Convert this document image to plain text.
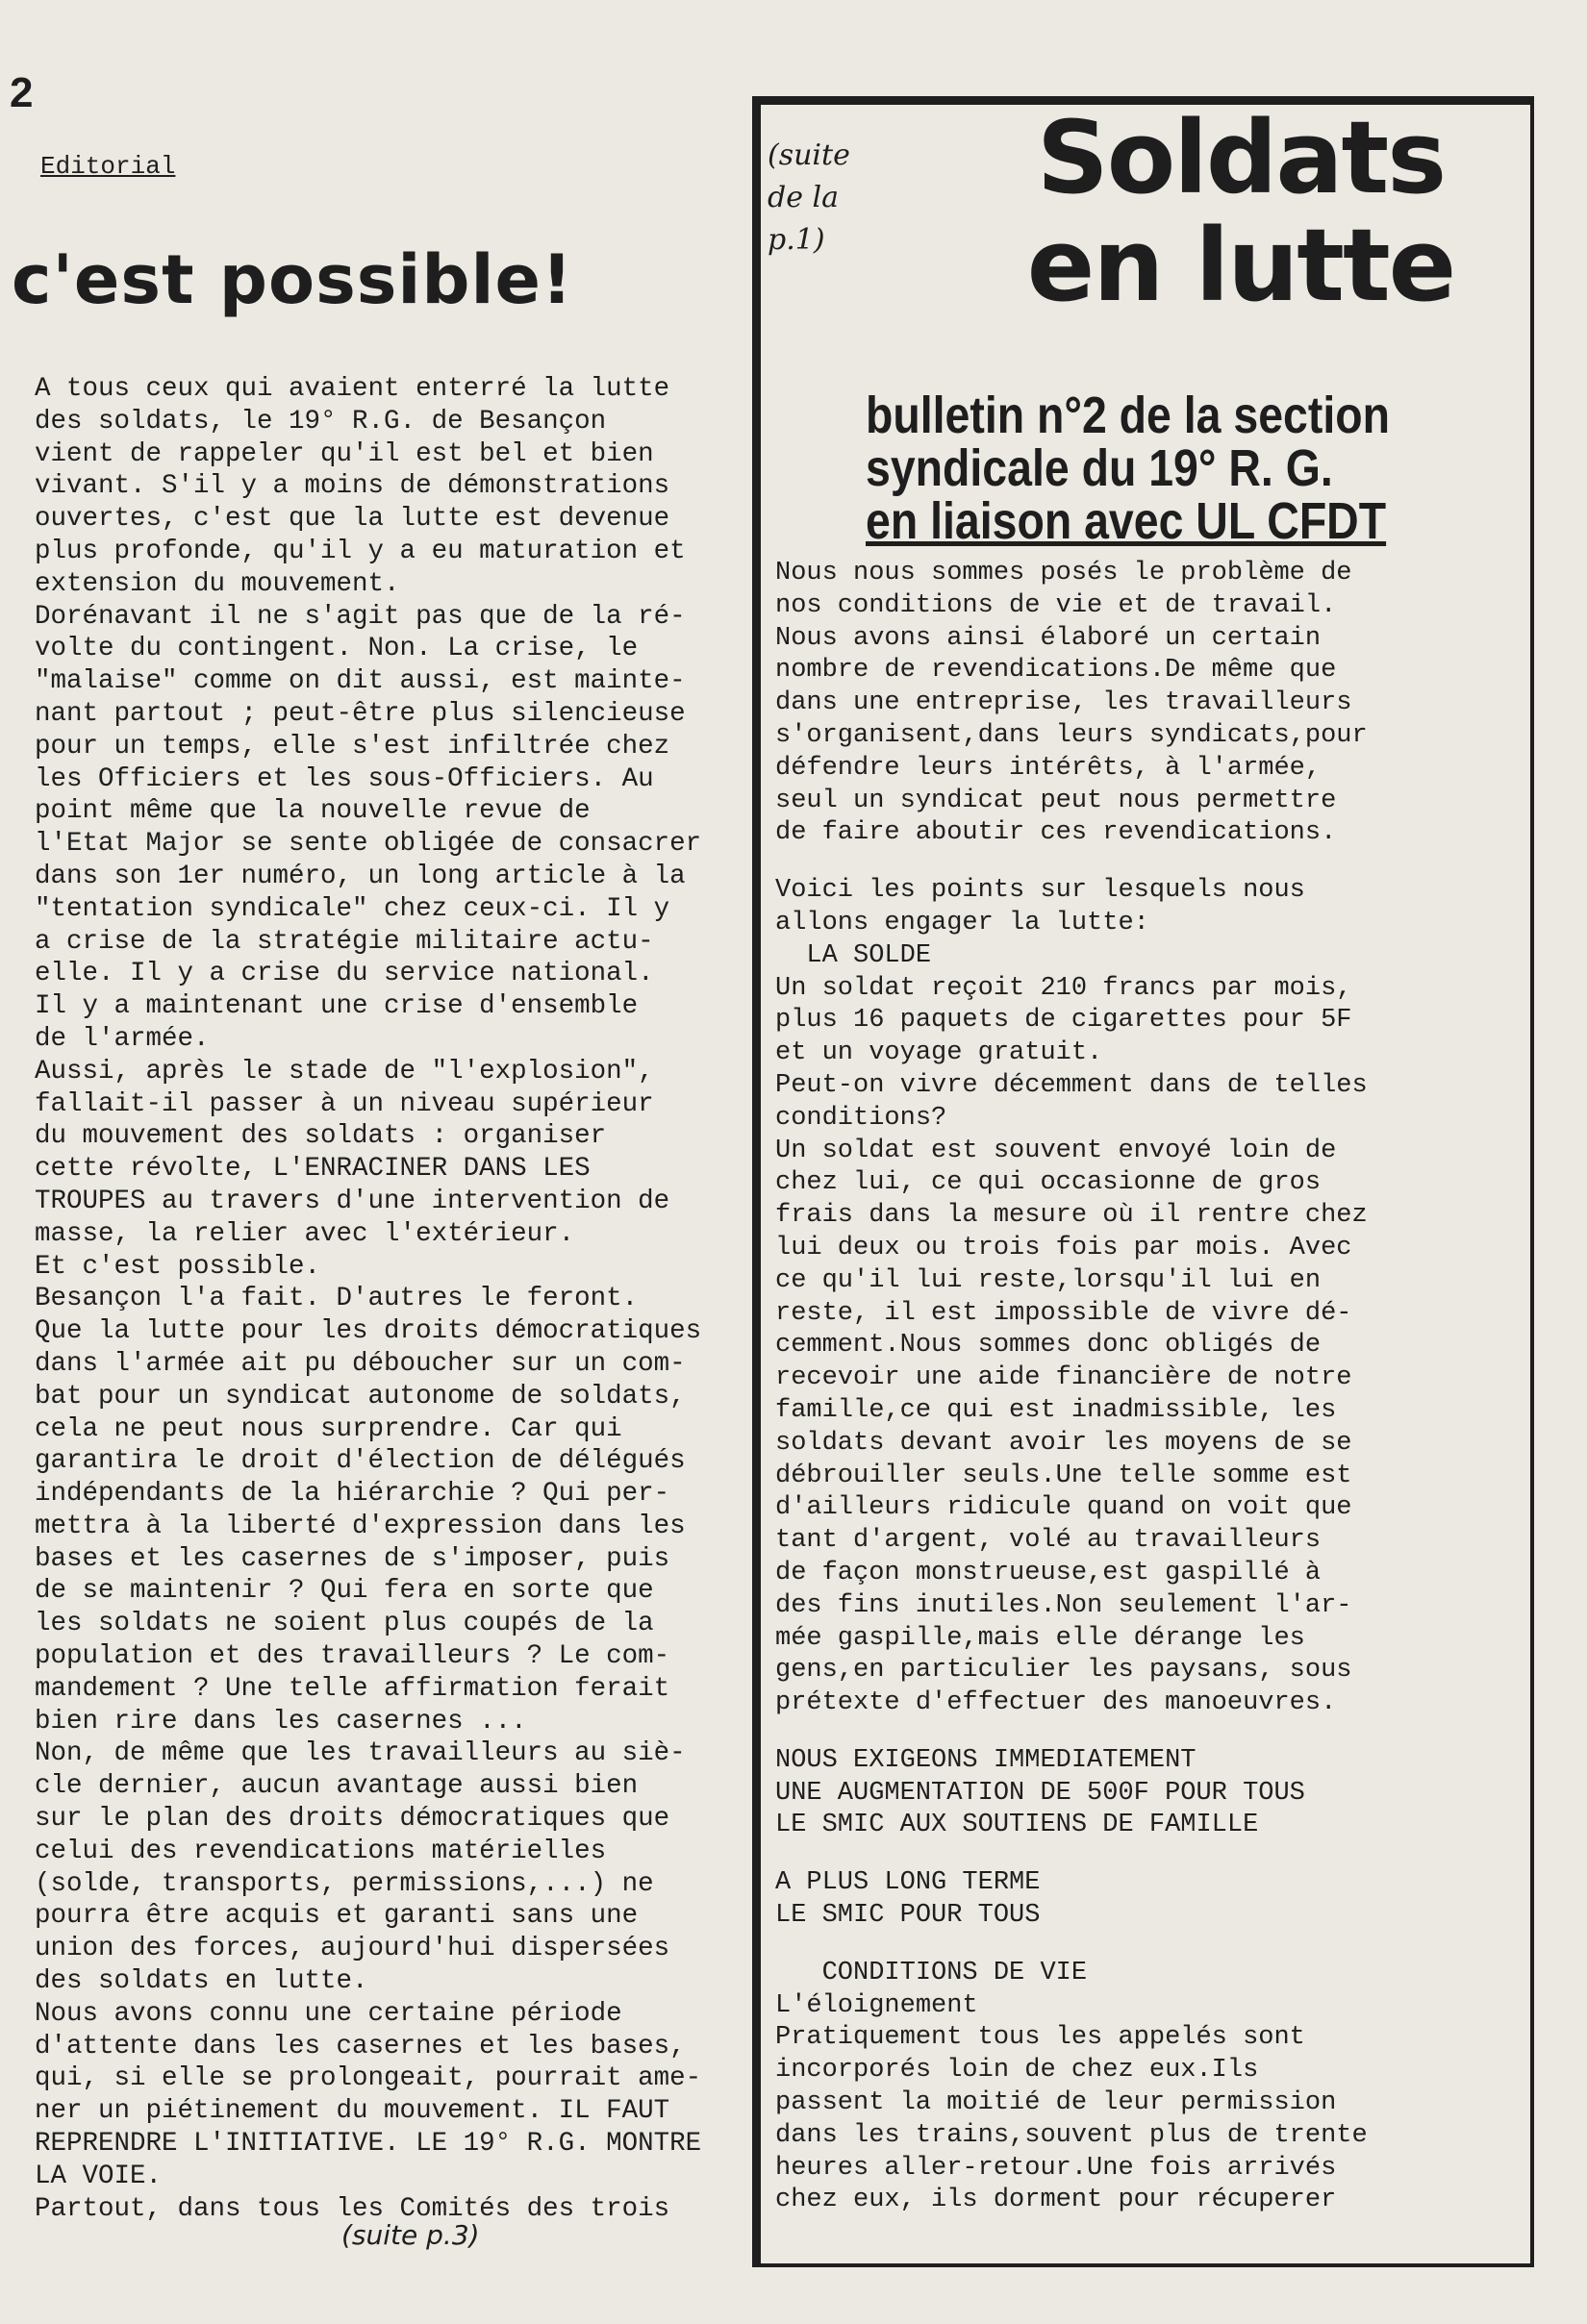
2
Editorial
c'est possible!
A tous ceux qui avaient enterré la lutte
des soldats, le 19° R.G. de Besançon
vient de rappeler qu'il est bel et bien
vivant. S'il y a moins de démonstrations
ouvertes, c'est que la lutte est devenue
plus profonde, qu'il y a eu maturation et
extension du mouvement.
Dorénavant il ne s'agit pas que de la ré-
volte du contingent. Non. La crise, le
"malaise" comme on dit aussi, est mainte-
nant partout ; peut-être plus silencieuse
pour un temps, elle s'est infiltrée chez
les Officiers et les sous-Officiers. Au
point même que la nouvelle revue de
l'Etat Major se sente obligée de consacrer
dans son 1er numéro, un long article à la
"tentation syndicale" chez ceux-ci. Il y
a crise de la stratégie militaire actu-
elle. Il y a crise du service national.
Il y a maintenant une crise d'ensemble
de l'armée.
Aussi, après le stade de "l'explosion",
fallait-il passer à un niveau supérieur
du mouvement des soldats : organiser
cette révolte, L'ENRACINER DANS LES
TROUPES au travers d'une intervention de
masse, la relier avec l'extérieur.
Et c'est possible.
Besançon l'a fait. D'autres le feront.
Que la lutte pour les droits démocratiques
dans l'armée ait pu déboucher sur un com-
bat pour un syndicat autonome de soldats,
cela ne peut nous surprendre. Car qui
garantira le droit d'élection de délégués
indépendants de la hiérarchie ? Qui per-
mettra à la liberté d'expression dans les
bases et les casernes de s'imposer, puis
de se maintenir ? Qui fera en sorte que
les soldats ne soient plus coupés de la
population et des travailleurs ? Le com-
mandement ? Une telle affirmation ferait
bien rire dans les casernes ...
Non, de même que les travailleurs au siè-
cle dernier, aucun avantage aussi bien
sur le plan des droits démocratiques que
celui des revendications matérielles
(solde, transports, permissions,...) ne
pourra être acquis et garanti sans une
union des forces, aujourd'hui dispersées
des soldats en lutte.
Nous avons connu une certaine période
d'attente dans les casernes et les bases,
qui, si elle se prolongeait, pourrait ame-
ner un piétinement du mouvement. IL FAUT
REPRENDRE L'INITIATIVE. LE 19° R.G. MONTRE
LA VOIE.
Partout, dans tous les Comités des trois
(suite p.3)
(suite
de la
p.1)
Soldats
en lutte
bulletin n°2 de la section
syndicale du 19° R. G.
en liaison avec UL CFDT
Nous nous sommes posés le problème de
nos conditions de vie et de travail.
Nous avons ainsi élaboré un certain
nombre de revendications.De même que
dans une entreprise, les travailleurs
s'organisent,dans leurs syndicats,pour
défendre leurs intérêts, à l'armée,
seul un syndicat peut nous permettre
de faire aboutir ces revendications.
Voici les points sur lesquels nous
allons engager la lutte:
LA SOLDE
Un soldat reçoit 210 francs par mois,
plus 16 paquets de cigarettes pour 5F
et un voyage gratuit.
Peut-on vivre décemment dans de telles
conditions?
Un soldat est souvent envoyé loin de
chez lui, ce qui occasionne de gros
frais dans la mesure où il rentre chez
lui deux ou trois fois par mois. Avec
ce qu'il lui reste,lorsqu'il lui en
reste, il est impossible de vivre dé-
cemment.Nous sommes donc obligés de
recevoir une aide financière de notre
famille,ce qui est inadmissible, les
soldats devant avoir les moyens de se
débrouiller seuls.Une telle somme est
d'ailleurs ridicule quand on voit que
tant d'argent, volé au travailleurs
de façon monstrueuse,est gaspillé à
des fins inutiles.Non seulement l'ar-
mée gaspille,mais elle dérange les
gens,en particulier les paysans, sous
prétexte d'effectuer des manoeuvres.
NOUS EXIGEONS IMMEDIATEMENT
UNE AUGMENTATION DE 500F POUR TOUS
LE SMIC AUX SOUTIENS DE FAMILLE
A PLUS LONG TERME
LE SMIC POUR TOUS
CONDITIONS DE VIE
L'éloignement
Pratiquement tous les appelés sont
incorporés loin de chez eux.Ils
passent la moitié de leur permission
dans les trains,souvent plus de trente
heures aller-retour.Une fois arrivés
chez eux, ils dorment pour récuperer
